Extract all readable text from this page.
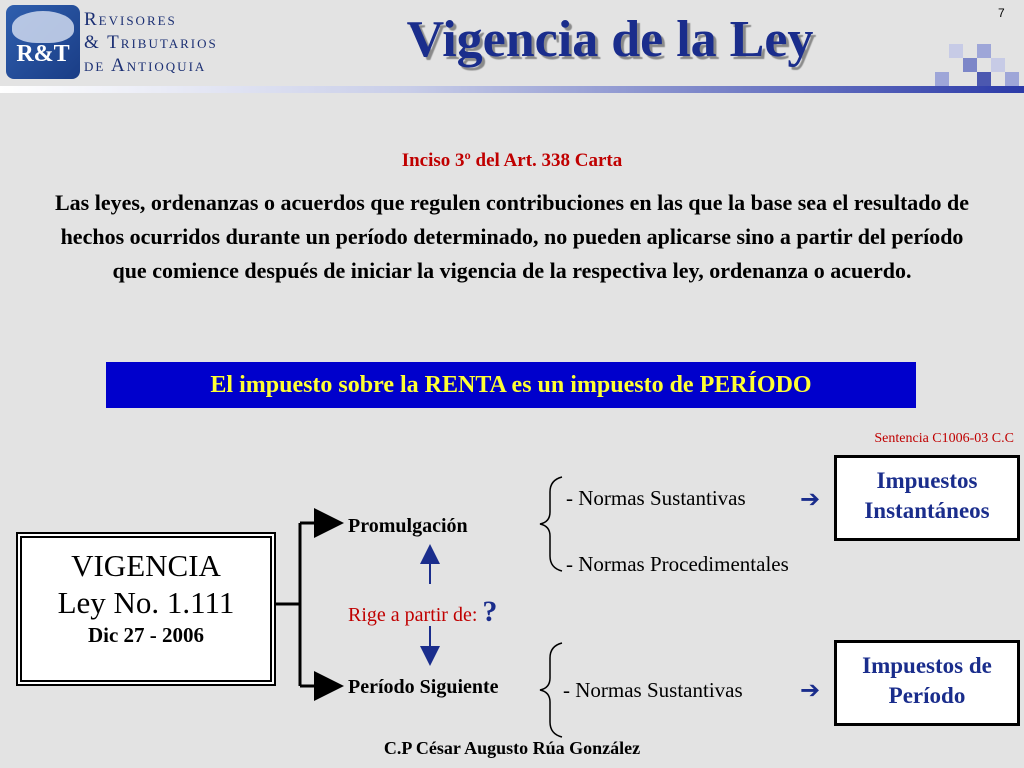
R&T
Revisores
& Tributarios
de Antioquia	Vigencia de la Ley	7
Inciso 3º del Art. 338 Carta
Las leyes, ordenanzas o acuerdos que regulen contribuciones en las que la base sea el resultado de hechos ocurridos durante un período determinado, no pueden aplicarse sino a partir del período que comience después de iniciar la vigencia de la respectiva ley, ordenanza o acuerdo.
El impuesto sobre la RENTA es un impuesto de PERÍODO
Sentencia C1006-03 C.C
VIGENCIA
Ley No. 1.111
Dic 27 - 2006
Promulgación
Período Siguiente
Rige a partir de: ?
- Normas Sustantivas
- Normas Procedimentales
- Normas Sustantivas
➔
➔
Impuestos
Instantáneos
Impuestos de
Período
C.P César Augusto Rúa González
